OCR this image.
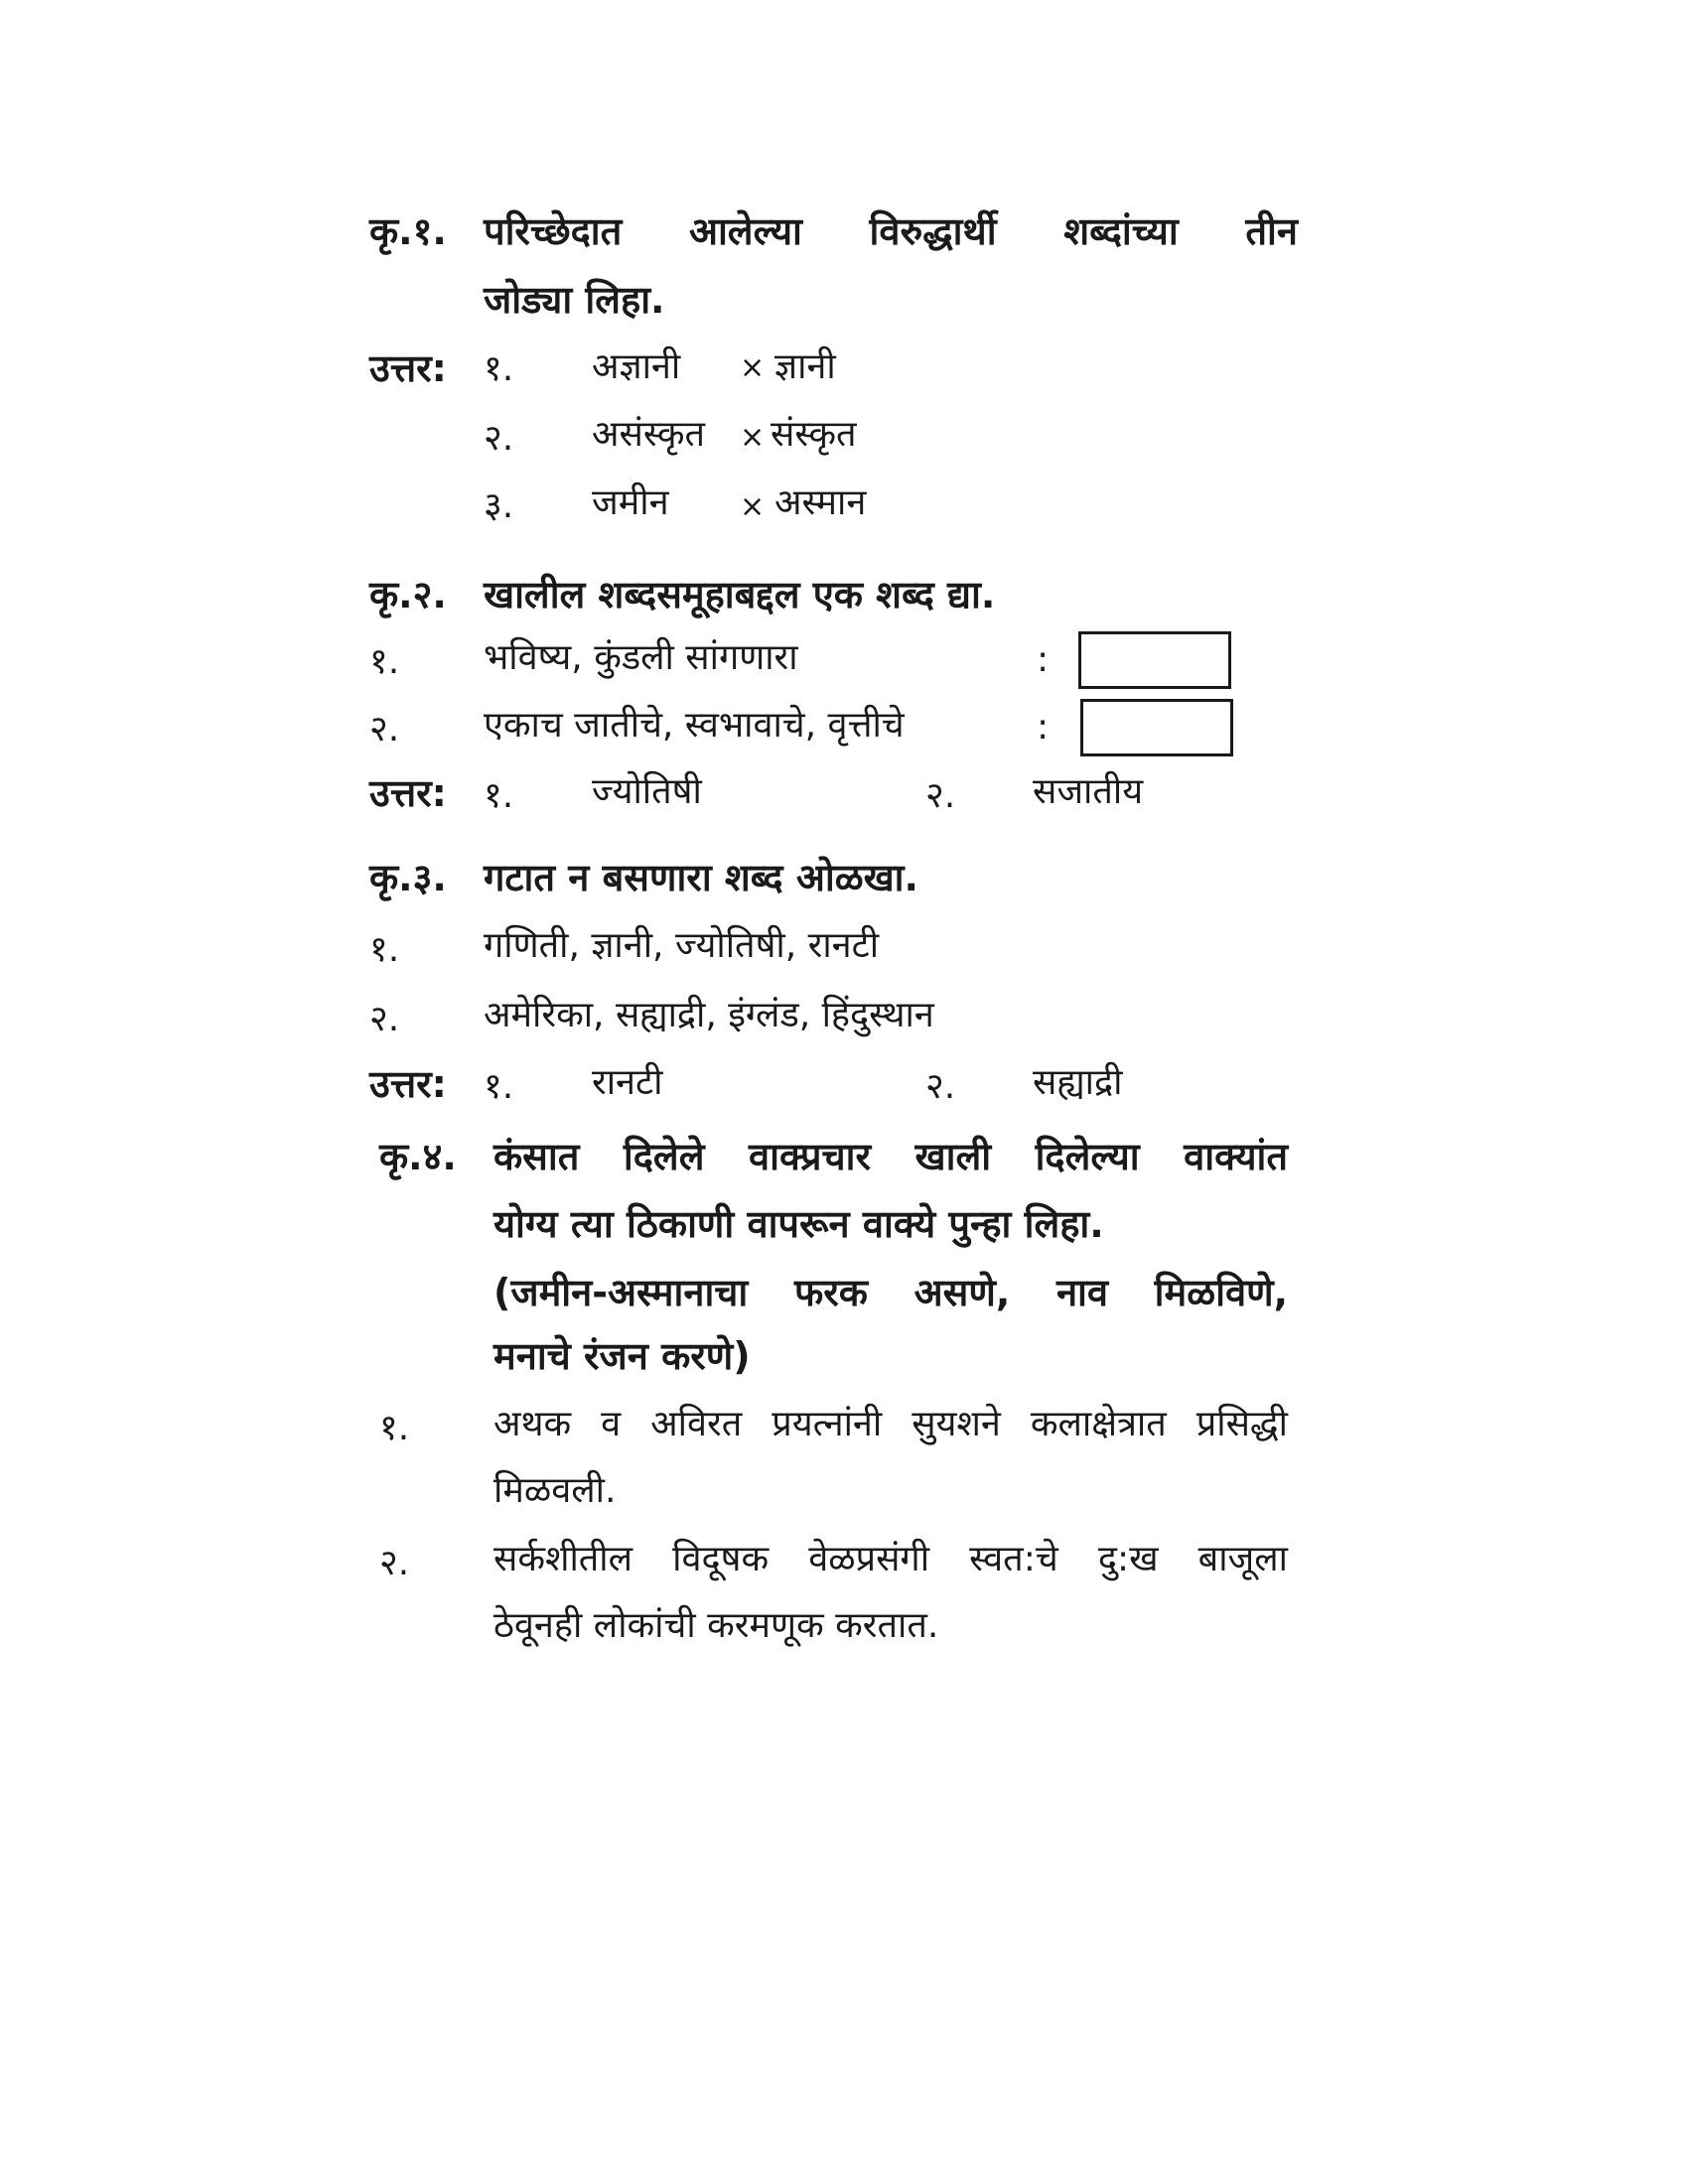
कृ.१. परिच्छेदात आलेल्या विरुद्धार्थी शब्दांच्या तीन
जोड्या लिहा.
उत्तर: १. अज्ञानी × ज्ञानी
२. असंस्कृत × संस्कृत
३. जमीन × अस्मान
कृ.२. खालील शब्दसमूहाबद्दल एक शब्द द्या.
१. भविष्य, कुंडली सांगणारा	:
२. एकाच जातीचे, स्वभावाचे, वृत्तीचे	:
उत्तर: १. ज्योतिषी	२. सजातीय
कृ.३. गटात न बसणारा शब्द ओळखा.
१. गणिती, ज्ञानी, ज्योतिषी, रानटी
२. अमेरिका, सह्याद्री, इंग्लंड, हिंदुस्थान
उत्तर: १. रानटी	२. सह्याद्री
कृ.४. कंसात दिलेले वाक्प्रचार खाली दिलेल्या वाक्यांत
योग्य त्या ठिकाणी वापरून वाक्ये पुन्हा लिहा.
(जमीन-अस्मानाचा फरक असणे, नाव मिळविणे,
मनाचे रंजन करणे)
१. अथक व अविरत प्रयत्नांनी सुयशने कलाक्षेत्रात प्रसिद्धी
मिळवली.
२. सर्कशीतील विदूषक वेळप्रसंगी स्वत:चे दु:ख बाजूला
ठेवूनही लोकांची करमणूक करतात.
